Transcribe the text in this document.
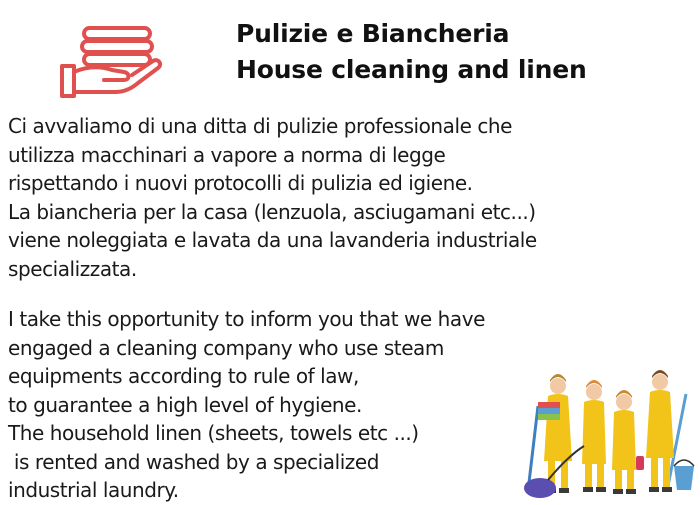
Pulizie e Biancheria
House cleaning and linen

Ci avvaliamo di una ditta di pulizie professionale che
utilizza macchinari a vapore a norma di legge
rispettando i nuovi protocolli di pulizia ed igiene.
La biancheria per la casa (lenzuola, asciugamani etc...)
viene noleggiata e lavata da una lavanderia industriale
specializzata.

I take this opportunity to inform you that we have
engaged a cleaning company who use steam
equipments according to rule of law,
to guarantee a high level of hygiene.
The household linen (sheets, towels etc ...)
is rented and washed by a specialized
industrial laundry.
